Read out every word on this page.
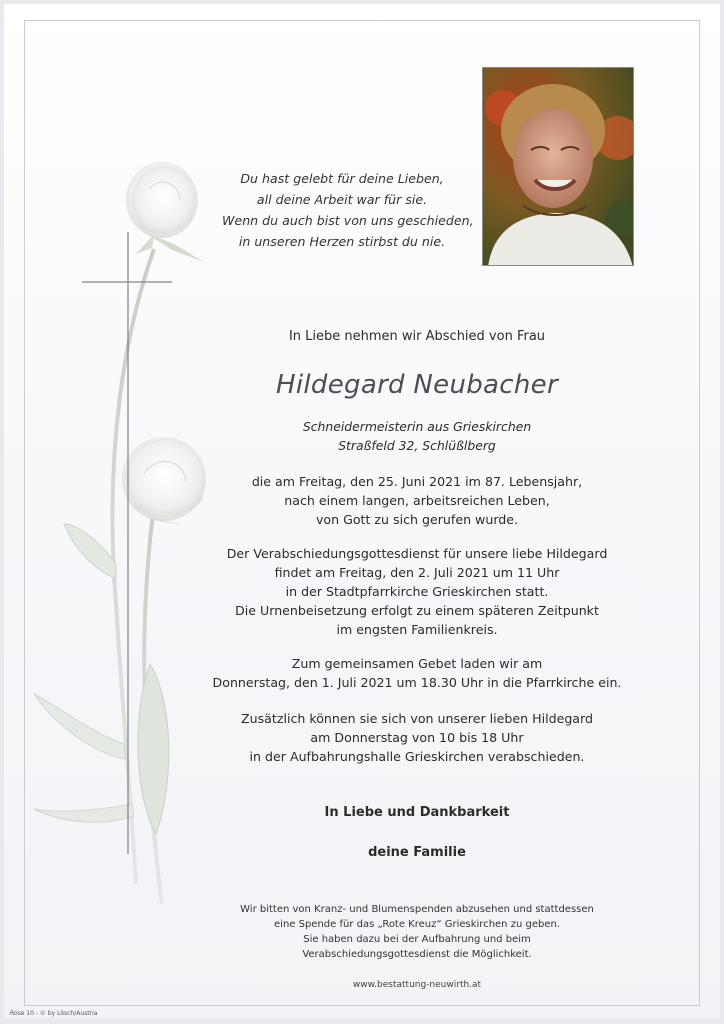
Du hast gelebt für deine Lieben,
all deine Arbeit war für sie.
Wenn du auch bist von uns geschieden,
in unseren Herzen stirbst du nie.
In Liebe nehmen wir Abschied von Frau
Hildegard Neubacher
Schneidermeisterin aus Grieskirchen
Straßfeld 32, Schlüßlberg
die am Freitag, den 25. Juni 2021 im 87. Lebensjahr,
nach einem langen, arbeitsreichen Leben,
von Gott zu sich gerufen wurde.
Der Verabschiedungsgottesdienst für unsere liebe Hildegard
findet am Freitag, den 2. Juli 2021 um 11 Uhr
in der Stadtpfarrkirche Grieskirchen statt.
Die Urnenbeisetzung erfolgt zu einem späteren Zeitpunkt
im engsten Familienkreis.
Zum gemeinsamen Gebet laden wir am
Donnerstag, den 1. Juli 2021 um 18.30 Uhr in die Pfarrkirche ein.
Zusätzlich können sie sich von unserer lieben Hildegard
am Donnerstag von 10 bis 18 Uhr
in der Aufbahrungshalle Grieskirchen verabschieden.
In Liebe und Dankbarkeit
deine Familie
Wir bitten von Kranz- und Blumenspenden abzusehen und stattdessen
eine Spende für das „Rote Kreuz“ Grieskirchen zu geben.
Sie haben dazu bei der Aufbahrung und beim
Verabschiedungsgottesdienst die Möglichkeit.
www.bestattung-neuwirth.at
Rose 10 - © by Lösch/Austria
